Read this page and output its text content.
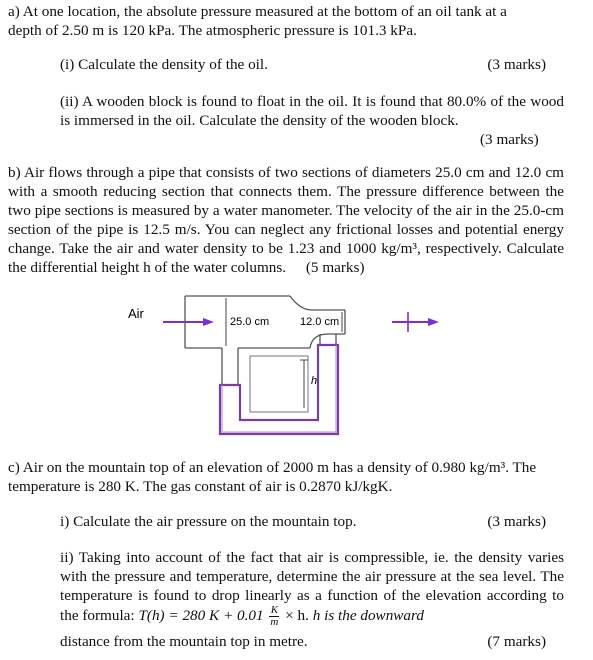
a) At one location, the absolute pressure measured at the bottom of an oil tank at a
depth of 2.50 m is 120 kPa. The atmospheric pressure is 101.3 kPa.
(i) Calculate the density of the oil.	(3 marks)
(ii) A wooden block is found to float in the oil. It is found that 80.0% of the wood is immersed in the oil. Calculate the density of the wooden block.
(3 marks)
b) Air flows through a pipe that consists of two sections of diameters 25.0 cm and 12.0 cm with a smooth reducing section that connects them. The pressure difference between the two pipe sections is measured by a water manometer. The velocity of the air in the 25.0-cm section of the pipe is 12.5 m/s. You can neglect any frictional losses and potential energy change. Take the air and water density to be 1.23 and 1000 kg/m³, respectively. Calculate the differential height h of the water columns. (5 marks)
Air
25.0 cm	12.0 cm
h
c) Air on the mountain top of an elevation of 2000 m has a density of 0.980 kg/m³. The
temperature is 280 K. The gas constant of air is 0.2870 kJ/kgK.
i) Calculate the air pressure on the mountain top.	(3 marks)
ii) Taking into account of the fact that air is compressible, ie. the density varies with the pressure and temperature, determine the air pressure at the sea level. The temperature is found to drop linearly as a function of the elevation according to the formula: T(h) = 280 $K + 0.01 \frac{K}{m} \times h$. h is the downward
distance from the mountain top in metre.	(7 marks)
